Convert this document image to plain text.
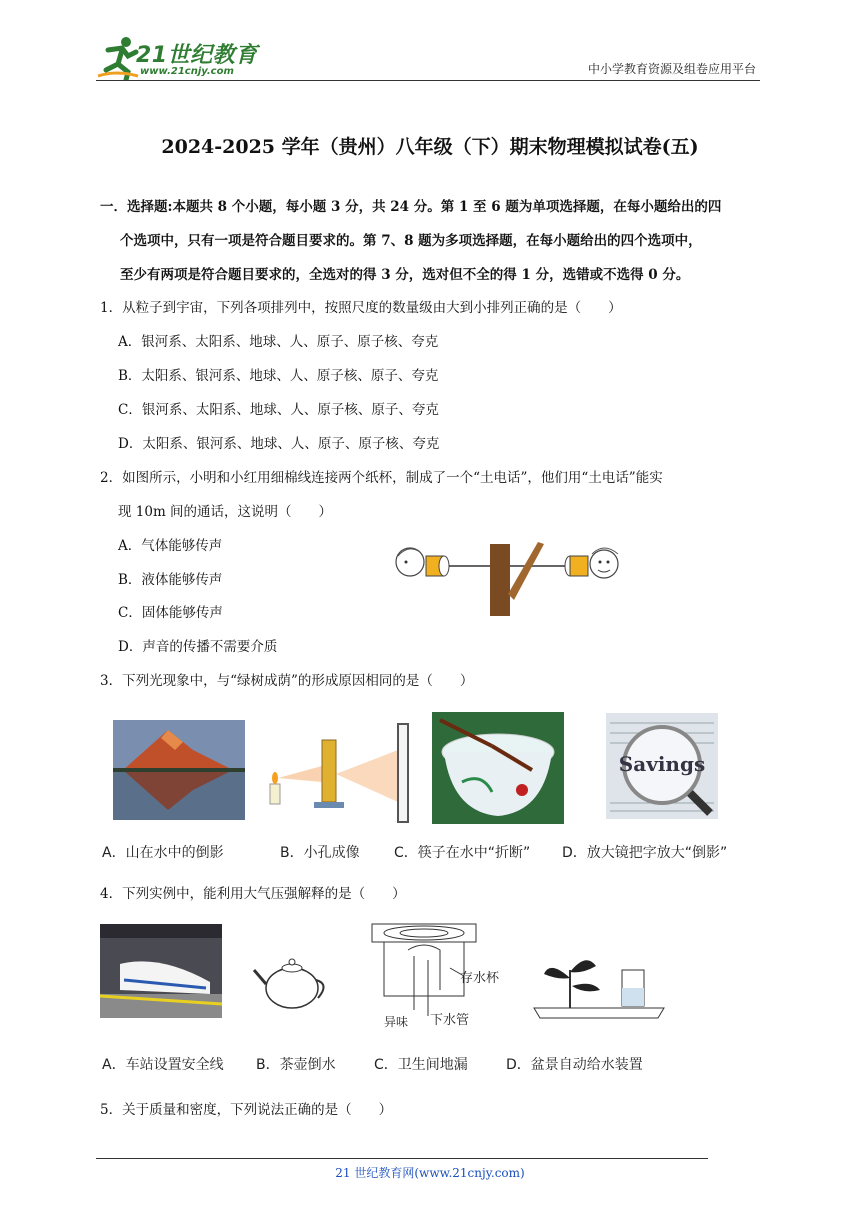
21世纪教育
www.21cnjy.com	中小学教育资源及组卷应用平台
2024-2025 学年（贵州）八年级（下）期末物理模拟试卷(五)
一．选择题:本题共 8 个小题，每小题 3 分，共 24 分。第 1 至 6 题为单项选择题，在每小题给出的四
个选项中，只有一项是符合题目要求的。第 7、8 题为多项选择题，在每小题给出的四个选项中，
至少有两项是符合题目要求的，全选对的得 3 分，选对但不全的得 1 分，选错或不选得 0 分。
1．从粒子到宇宙，下列各项排列中，按照尺度的数量级由大到小排列正确的是（　　）
A．银河系、太阳系、地球、人、原子、原子核、夸克
B．太阳系、银河系、地球、人、原子核、原子、夸克
C．银河系、太阳系、地球、人、原子核、原子、夸克
D．太阳系、银河系、地球、人、原子、原子核、夸克
2．如图所示，小明和小红用细棉线连接两个纸杯，制成了一个“土电话”，他们用“土电话”能实
现 10m 间的通话，这说明（　　）
A．气体能够传声
B．液体能够传声
C．固体能够传声
D．声音的传播不需要介质
3．下列光现象中，与“绿树成荫”的形成原因相同的是（　　）
Savings
A．山在水中的倒影	B．小孔成像 C．筷子在水中“折断” D．放大镜把字放大“倒影”
4．下列实例中，能利用大气压强解释的是（　　）
存水杯
异味 下水管
A．车站设置安全线 B．茶壶倒水	C．卫生间地漏	D．盆景自动给水装置
5．关于质量和密度，下列说法正确的是（　　）
21 世纪教育网(www.21cnjy.com)
